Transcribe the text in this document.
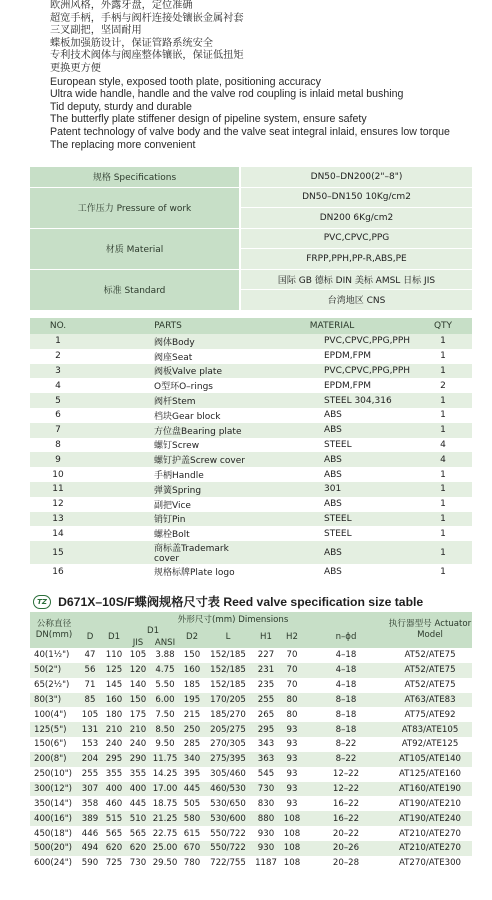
欧洲风格，外露牙盘，定位准确
超宽手柄，手柄与阀杆连接处镶嵌金属衬套
三叉副把，坚固耐用
蝶板加强筋设计，保证管路系统安全
专利技术阀体与阀座整体镶嵌，保证低扭矩
更换更方便
European style, exposed tooth plate, positioning accuracy
Ultra wide handle, handle and the valve rod coupling is inlaid metal bushing
Tid deputy, sturdy and durable
The butterfly plate stiffener design of pipeline system, ensure safety
Patent technology of valve body and the valve seat integral inlaid, ensures low torque
The replacing more convenient
规格 Specifications	DN50–DN200(2"–8")
工作压力 Pressure of work	DN50–DN150 10Kg/cm2
	DN200 6Kg/cm2
材质 Material	PVC,CPVC,PPG
	FRPP,PPH,PP-R,ABS,PE
标准 Standard	国际 GB 德标 DIN 美标 AMSL 日标 JIS
	台湾地区 CNS
NO.	PARTS	MATERIAL	QTY
1	阀体Body	PVC,CPVC,PPG,PPH	1
2	阀座Seat	EPDM,FPM	1
3	阀板Valve plate	PVC,CPVC,PPG,PPH	1
4	O型环O–rings	EPDM,FPM	2
5	阀杆Stem	STEEL 304,316	1
6	档块Gear block	ABS	1
7	方位盘Bearing plate	ABS	1
8	螺钉Screw	STEEL	4
9	螺钉护盖Screw cover	ABS	4
10	手柄Handle	ABS	1
11	弹簧Spring	301	1
12	副把Vice	ABS	1
13	销钉Pin	STEEL	1
14	螺栓Bolt	STEEL	1
15	商标盖Trademark cover	ABS	1
16	规格标牌Plate logo	ABS	1
TZ D671X–10S/F蝶阀规格尺寸表 Reed valve specification size table
公称直径 DN(mm)	外形尺寸(mm) Dimensions									执行器型号 Actuator Model
	D	D1	D1		D2	L	H1	H2	n–ϕd	
			JIS	ANSI						
40(1½")	47	110	105	3.88	150	152/185	227	70	4–18	AT52/ATE75
50(2")	56	125	120	4.75	160	152/185	231	70	4–18	AT52/ATE75
65(2½")	71	145	140	5.50	185	152/185	235	70	4–18	AT52/ATE75
80(3")	85	160	150	6.00	195	170/205	255	80	8–18	AT63/ATE83
100(4")	105	180	175	7.50	215	185/270	265	80	8–18	AT75/ATE92
125(5")	131	210	210	8.50	250	205/275	295	93	8–18	AT83/ATE105
150(6")	153	240	240	9.50	285	270/305	343	93	8–22	AT92/ATE125
200(8")	204	295	290	11.75	340	275/395	363	93	8–22	AT105/ATE140
250(10")	255	355	355	14.25	395	305/460	545	93	12–22	AT125/ATE160
300(12")	307	400	400	17.00	445	460/530	730	93	12–22	AT160/ATE190
350(14")	358	460	445	18.75	505	530/650	830	93	16–22	AT190/ATE210
400(16")	389	515	510	21.25	580	530/600	880	108	16–22	AT190/ATE240
450(18")	446	565	565	22.75	615	550/722	930	108	20–22	AT210/ATE270
500(20")	494	620	620	25.00	670	550/722	930	108	20–26	AT210/ATE270
600(24")	590	725	730	29.50	780	722/755	1187	108	20–28	AT270/ATE300
